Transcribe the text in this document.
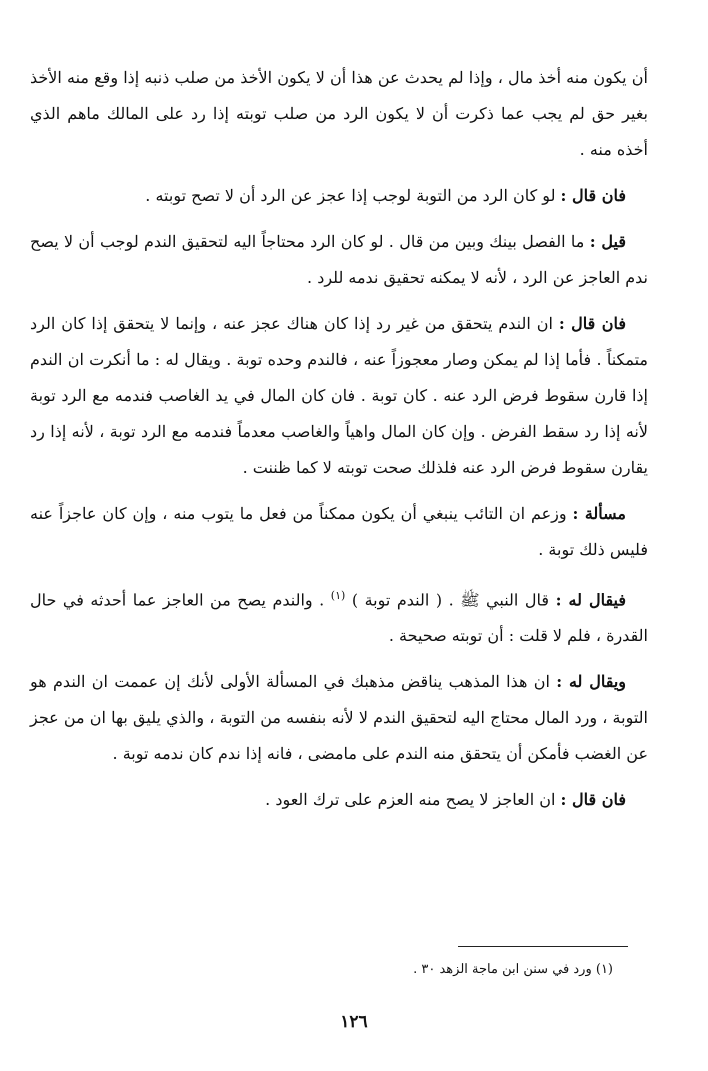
أن يكون منه أخذ مال ، وإذا لم يحدث عن هذا أن لا يكون الأخذ من صلب ذنبه إذا وقع منه الأخذ بغير حق لم يجب عما ذكرت أن لا يكون الرد من صلب توبته إذا رد على المالك ماهم الذي أخذه منه .

فان قال : لو كان الرد من التوبة لوجب إذا عجز عن الرد أن لا تصح توبته .

قيل : ما الفصل بينك وبين من قال . لو كان الرد محتاجاً اليه لتحقيق الندم لوجب أن لا يصح ندم العاجز عن الرد ، لأنه لا يمكنه تحقيق ندمه للرد .

فان قال : ان الندم يتحقق من غير رد إذا كان هناك عجز عنه ، وإنما لا يتحقق إذا كان الرد متمكناً . فأما إذا لم يمكن وصار معجوزاً عنه ، فالندم وحده توبة . ويقال له : ما أنكرت ان الندم إذا قارن سقوط فرض الرد عنه . كان توبة . فان كان المال في يد الغاصب فندمه مع الرد توبة لأنه إذا رد سقط الفرض . وإن كان المال واهياً والغاصب معدماً فندمه مع الرد توبة ، لأنه إذا رد يقارن سقوط فرض الرد عنه فلذلك صحت توبته لا كما ظننت .

مسألة : وزعم ان التائب ينبغي أن يكون ممكناً من فعل ما يتوب منه ، وإن كان عاجزاً عنه فليس ذلك توبة .

فيقال له : قال النبي ﷺ . ( الندم توبة ) $^{(١)}$ . والندم يصح من العاجز عما أحدثه في حال القدرة ، فلم لا قلت : أن توبته صحيحة .

ويقال له : ان هذا المذهب يناقض مذهبك في المسألة الأولى لأنك إن عممت ان الندم هو التوبة ، ورد المال محتاج اليه لتحقيق الندم لا لأنه بنفسه من التوبة ، والذي يليق بها ان من عجز عن الغضب فأمكن أن يتحقق منه الندم على مامضى ، فانه إذا ندم كان ندمه توبة .

فان قال : ان العاجز لا يصح منه العزم على ترك العود .

(١) ورد في سنن ابن ماجة الزهد ٣٠ .
١٢٦
